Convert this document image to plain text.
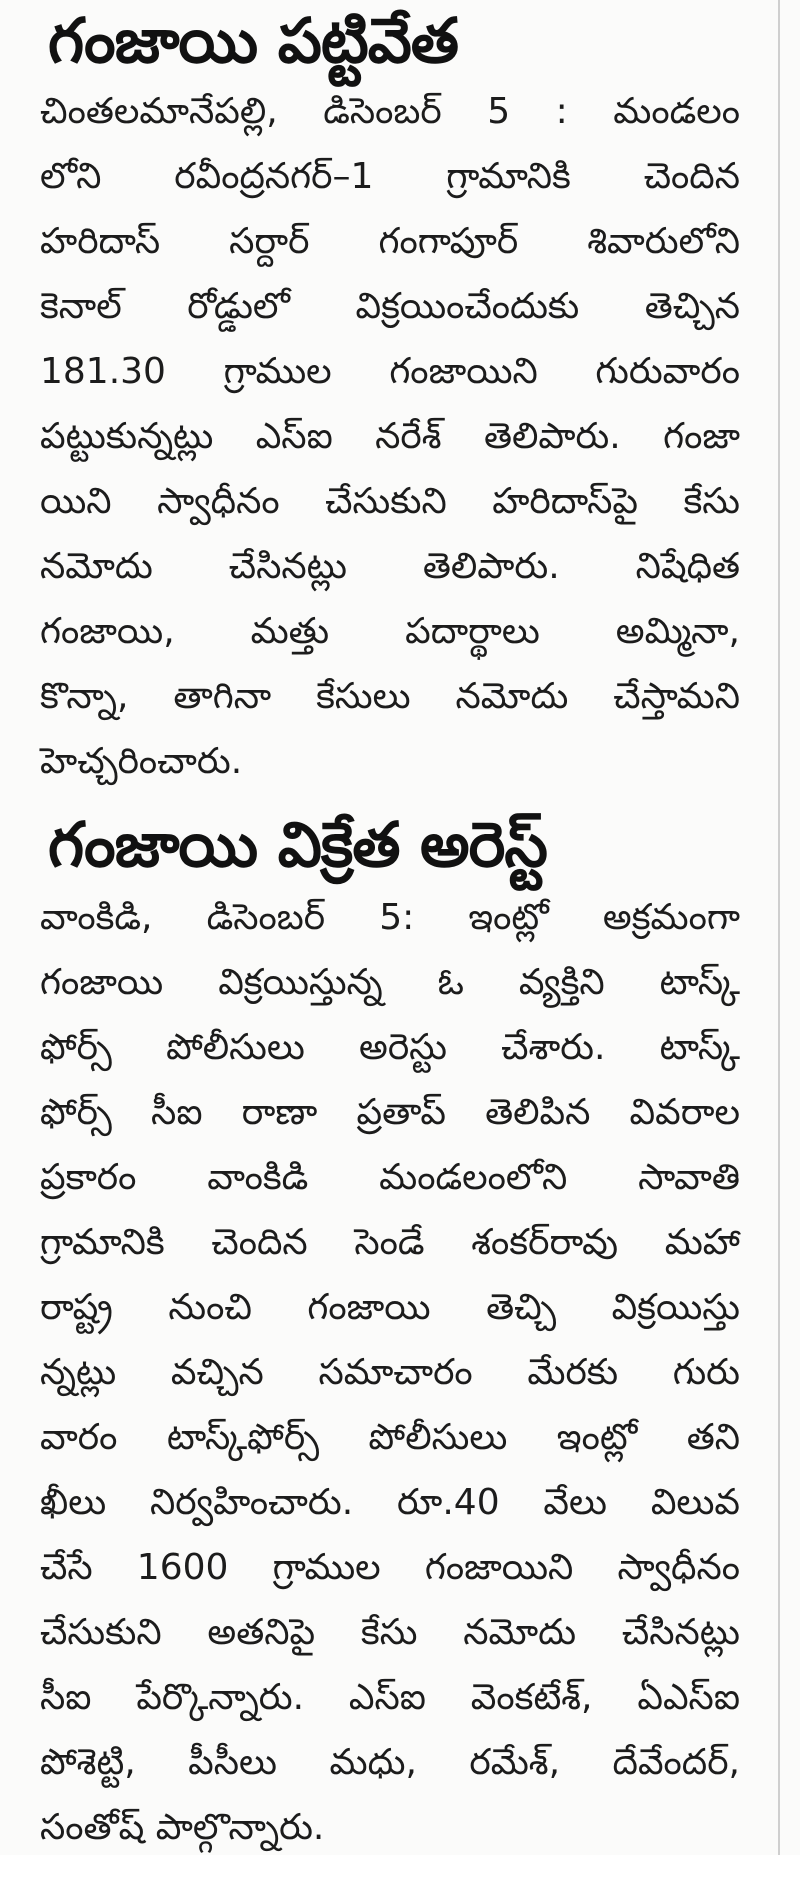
గంజాయి పట్టివేత
చింతలమానేపల్లి, డిసెంబర్ 5 : మండలం
లోని రవీంద్రనగర్–1 గ్రామానికి చెందిన
హరిదాస్ సర్దార్ గంగాపూర్ శివారులోని
కెనాల్ రోడ్డులో విక్రయించేందుకు తెచ్చిన
181.30 గ్రాముల గంజాయిని గురువారం
పట్టుకున్నట్లు ఎస్ఐ నరేశ్ తెలిపారు. గంజా
యిని స్వాధీనం చేసుకుని హరిదాస్‌పై కేసు
నమోదు చేసినట్లు తెలిపారు. నిషేధిత
గంజాయి, మత్తు పదార్థాలు అమ్మినా,
కొన్నా, తాగినా కేసులు నమోదు చేస్తామని
హెచ్చరించారు.
గంజాయి విక్రేత అరెస్ట్
వాంకిడి, డిసెంబర్ 5: ఇంట్లో అక్రమంగా
గంజాయి విక్రయిస్తున్న ఓ వ్యక్తిని టాస్క్
ఫోర్స్ పోలీసులు అరెస్టు చేశారు. టాస్క్
ఫోర్స్ సీఐ రాణా ప్రతాప్ తెలిపిన వివరాల
ప్రకారం వాంకిడి మండలంలోని సావాతి
గ్రామానికి చెందిన సెండే శంకర్‌రావు మహా
రాష్ట్ర నుంచి గంజాయి తెచ్చి విక్రయిస్తు
న్నట్లు వచ్చిన సమాచారం మేరకు గురు
వారం టాస్క్‌ఫోర్స్ పోలీసులు ఇంట్లో తని
ఖీలు నిర్వహించారు. రూ.40 వేలు విలువ
చేసే 1600 గ్రాముల గంజాయిని స్వాధీనం
చేసుకుని అతనిపై కేసు నమోదు చేసినట్లు
సీఐ పేర్కొన్నారు. ఎస్ఐ వెంకటేశ్, ఏఎస్ఐ
పోశెట్టి, పీసీలు మధు, రమేశ్, దేవేందర్,
సంతోష్ పాల్గొన్నారు.
